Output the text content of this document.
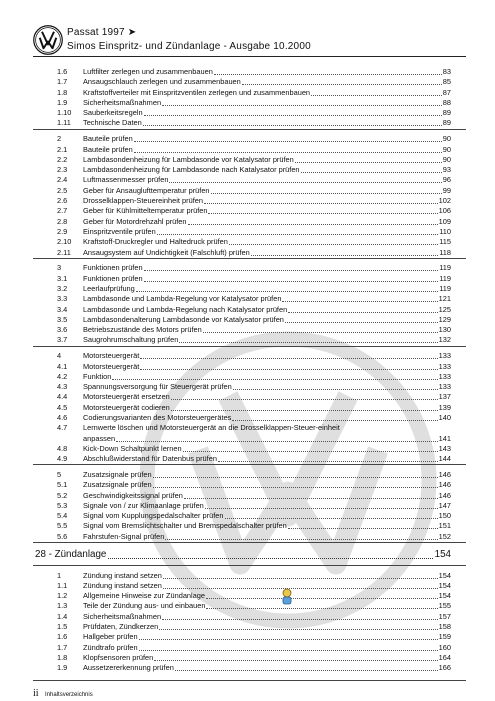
Passat 1997 ➤
Simos Einspritz- und Zündanlage - Ausgabe 10.2000
1.6 Luftfilter zerlegen und zusammenbauen	83
1.7 Ansaugschlauch zerlegen und zusammenbauen	85
1.8 Kraftstoffverteiler mit Einspritzventilen zerlegen und zusammenbauen	87
1.9 Sicherheitsmaßnahmen	88
1.10 Sauberkeitsregeln	89
1.11 Technische Daten	89
2	Bauteile prüfen	90
2.1 Bauteile prüfen	90
2.2 Lambdasondenheizung für Lambdasonde vor Katalysator prüfen	90
2.3 Lambdasondenheizung für Lambdasonde nach Katalysator prüfen	93
2.4 Luftmassenmesser prüfen	96
2.5 Geber für Ansauglufttemperatur prüfen	99
2.6 Drosselklappen-Steuereinheit prüfen	102
2.7 Geber für Kühlmitteltemperatur prüfen	106
2.8 Geber für Motordrehzahl prüfen	109
2.9 Einspritzventile prüfen	110
2.10 Kraftstoff-Druckregler und Haltedruck prüfen	115
2.11 Ansaugsystem auf Undichtigkeit (Falschluft) prüfen	118
3	Funktionen prüfen	119
3.1 Funktionen prüfen	119
3.2 Leerlaufprüfung	119
3.3 Lambdasonde und Lambda-Regelung vor Katalysator prüfen	121
3.4 Lambdasonde und Lambda-Regelung nach Katalysator prüfen	125
3.5 Lambdasondenalterung Lambdasonde vor Katalysator prüfen	129
3.6 Betriebszustände des Motors prüfen	130
3.7 Saugrohrumschaltung prüfen	132
4	Motorsteuergerät	133
4.1 Motorsteuergerät	133
4.2 Funktion	133
4.3 Spannungsversorgung für Steuergerät prüfen	133
4.4 Motorsteuergerät ersetzen	137
4.5 Motorsteuergerät codieren	139
4.6 Codierungsvarianten des Motorsteuergerätes	140
4.7 Lernwerte löschen und Motorsteuergerät an die Drosselklappen-Steuer-einheit
anpassen	141
4.8 Kick-Down Schaltpunkt lernen	143
4.9 Abschlußwiderstand für Datenbus prüfen	144
5	Zusatzsignale prüfen	146
5.1 Zusatzsignale prüfen	146
5.2 Geschwindigkeitssignal prüfen	146
5.3 Signale von / zur Klimaanlage prüfen	147
5.4 Signal vom Kupplungspedalschalter prüfen	150
5.5 Signal vom Bremslichtschalter und Bremspedalschalter prüfen	151
5.6 Fahrstufen-Signal prüfen	152
28 - Zündanlage	154
1	Zündung instand setzen	154
1.1 Zündung instand setzen	154
1.2 Allgemeine Hinweise zur Zündanlage	154
1.3 Teile der Zündung aus- und einbauen	155
1.4 Sicherheitsmaßnahmen	157
1.5 Prüfdaten, Zündkerzen	158
1.6 Hallgeber prüfen	159
1.7 Zündtrafo prüfen	160
1.8 Klopfsensoren prüfen	164
1.9 Aussetzererkennung prüfen	166
ii Inhaltsverzeichnis
